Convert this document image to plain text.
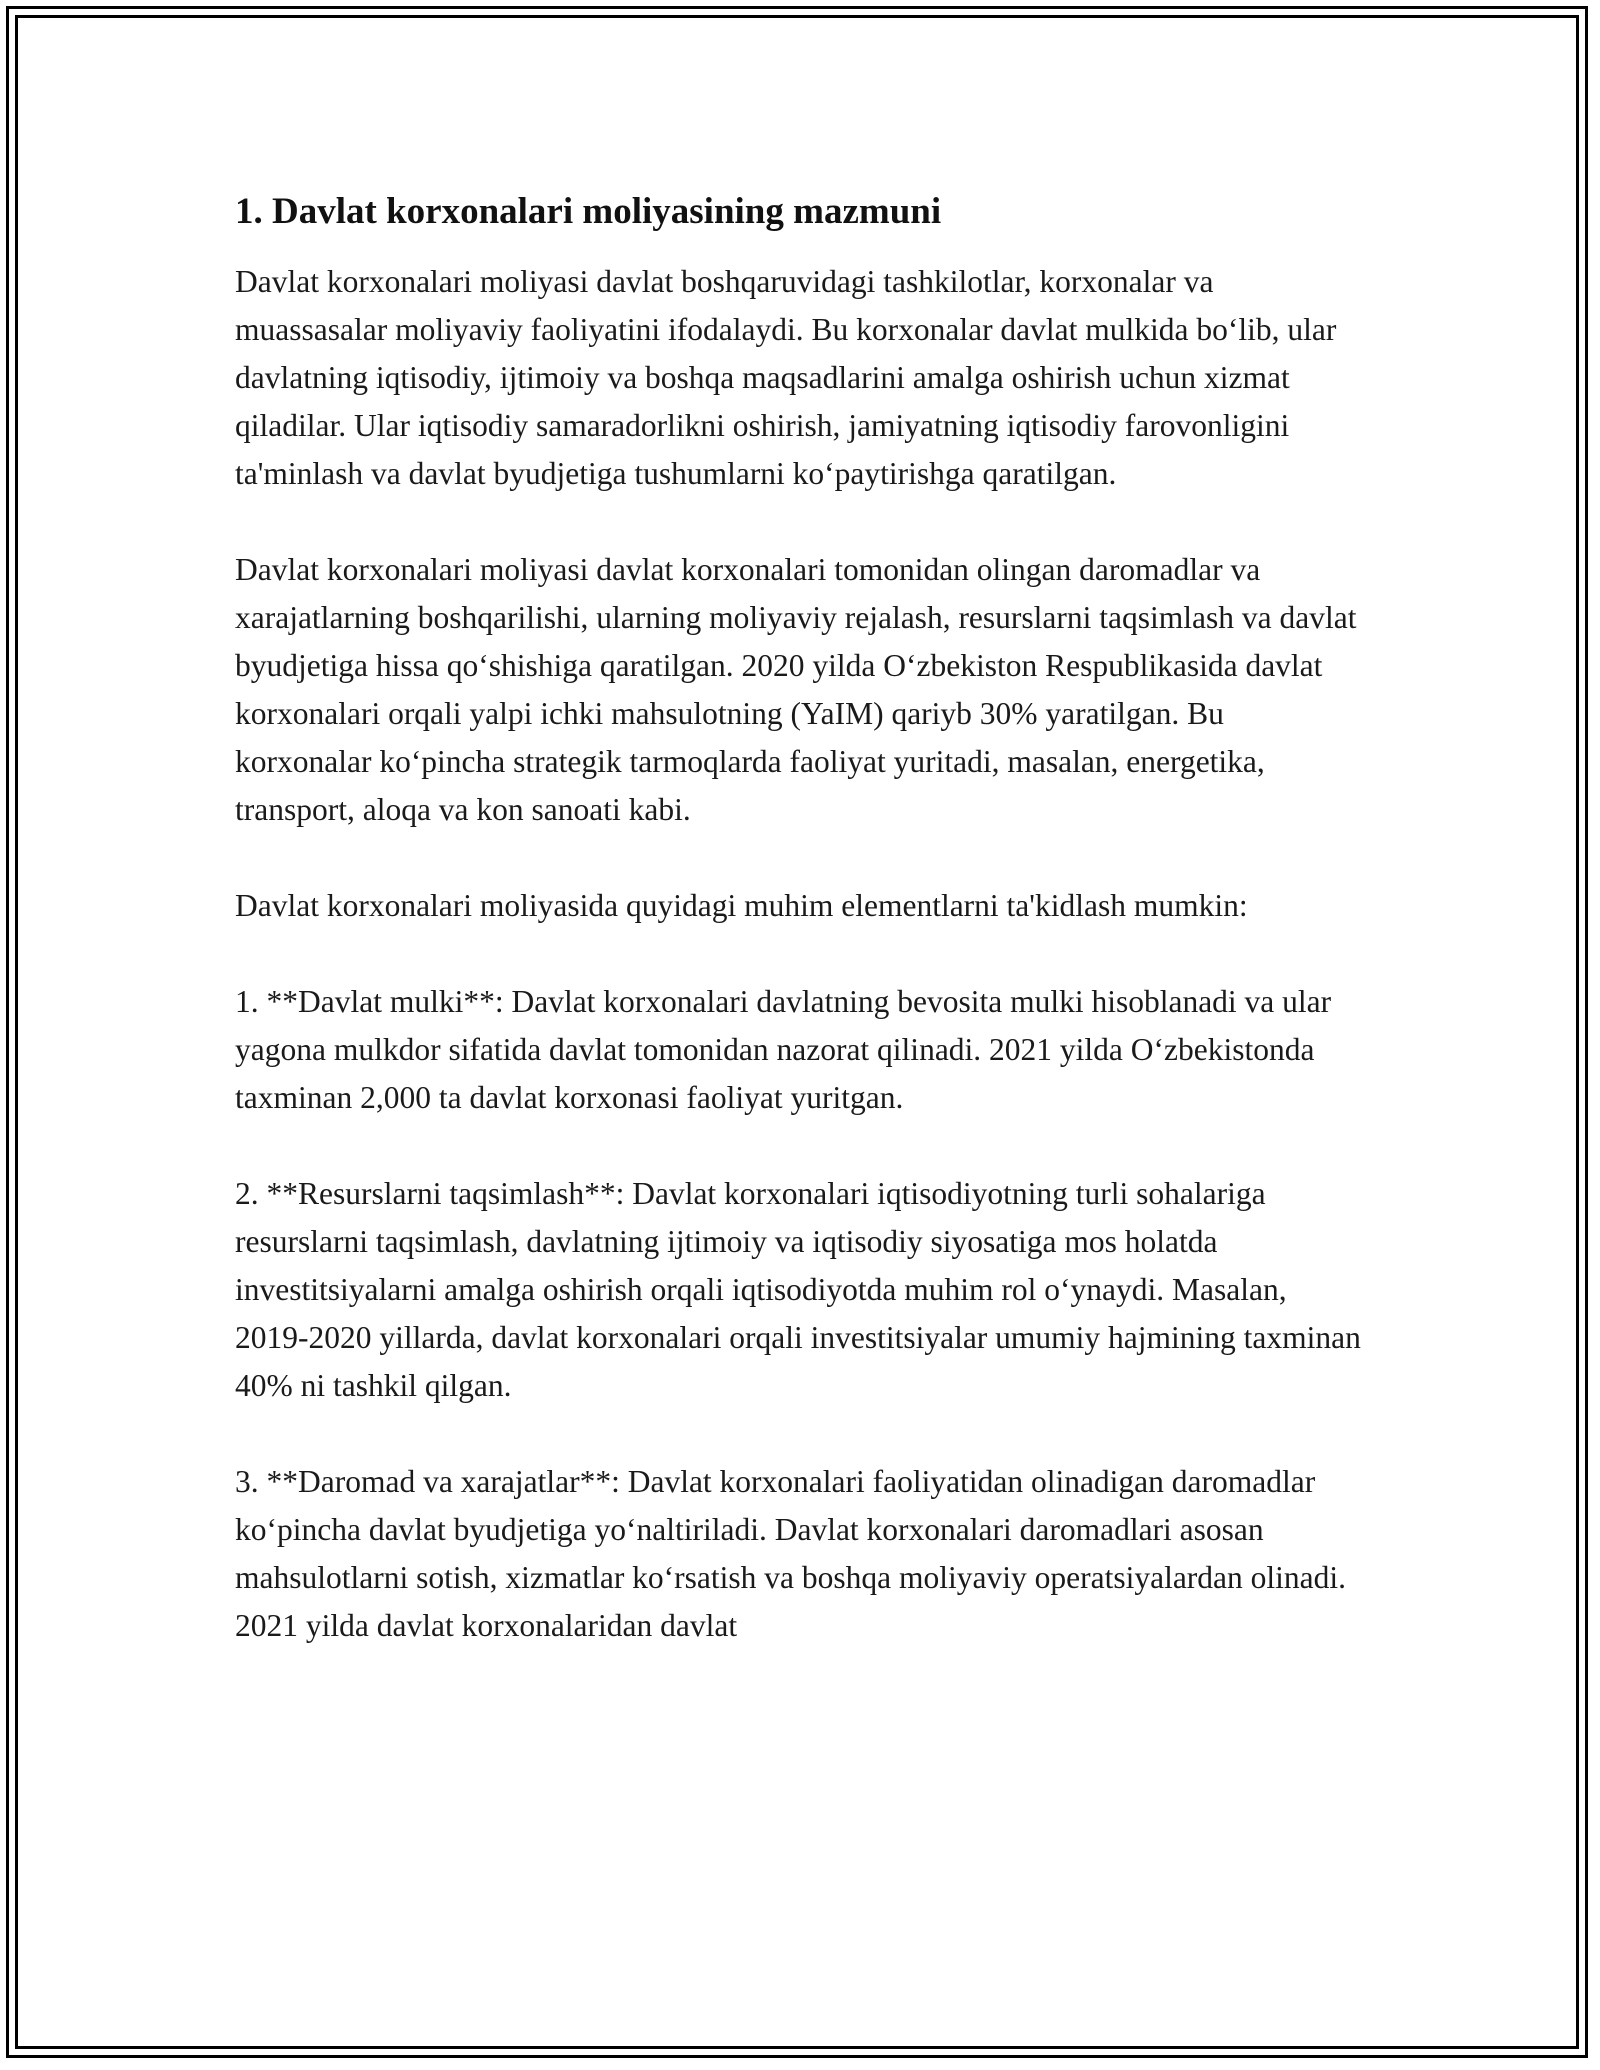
1. Davlat korxonalari moliyasining mazmuni

Davlat korxonalari moliyasi davlat boshqaruvidagi tashkilotlar, korxonalar va muassasalar moliyaviy faoliyatini ifodalaydi. Bu korxonalar davlat mulkida bo‘lib, ular davlatning iqtisodiy, ijtimoiy va boshqa maqsadlarini amalga oshirish uchun xizmat qiladilar. Ular iqtisodiy samaradorlikni oshirish, jamiyatning iqtisodiy farovonligini ta'minlash va davlat byudjetiga tushumlarni ko‘paytirishga qaratilgan.

Davlat korxonalari moliyasi davlat korxonalari tomonidan olingan daromadlar va xarajatlarning boshqarilishi, ularning moliyaviy rejalash, resurslarni taqsimlash va davlat byudjetiga hissa qo‘shishiga qaratilgan. 2020 yilda O‘zbekiston Respublikasida davlat korxonalari orqali yalpi ichki mahsulotning (YaIM) qariyb 30% yaratilgan. Bu korxonalar ko‘pincha strategik tarmoqlarda faoliyat yuritadi, masalan, energetika, transport, aloqa va kon sanoati kabi.

Davlat korxonalari moliyasida quyidagi muhim elementlarni ta'kidlash mumkin:

1. **Davlat mulki**: Davlat korxonalari davlatning bevosita mulki hisoblanadi va ular yagona mulkdor sifatida davlat tomonidan nazorat qilinadi. 2021 yilda O‘zbekistonda taxminan 2,000 ta davlat korxonasi faoliyat yuritgan.

2. **Resurslarni taqsimlash**: Davlat korxonalari iqtisodiyotning turli sohalariga resurslarni taqsimlash, davlatning ijtimoiy va iqtisodiy siyosatiga mos holatda investitsiyalarni amalga oshirish orqali iqtisodiyotda muhim rol o‘ynaydi. Masalan, 2019-2020 yillarda, davlat korxonalari orqali investitsiyalar umumiy hajmining taxminan 40% ni tashkil qilgan.

3. **Daromad va xarajatlar**: Davlat korxonalari faoliyatidan olinadigan daromadlar ko‘pincha davlat byudjetiga yo‘naltiriladi. Davlat korxonalari daromadlari asosan mahsulotlarni sotish, xizmatlar ko‘rsatish va boshqa moliyaviy operatsiyalardan olinadi. 2021 yilda davlat korxonalaridan davlat
